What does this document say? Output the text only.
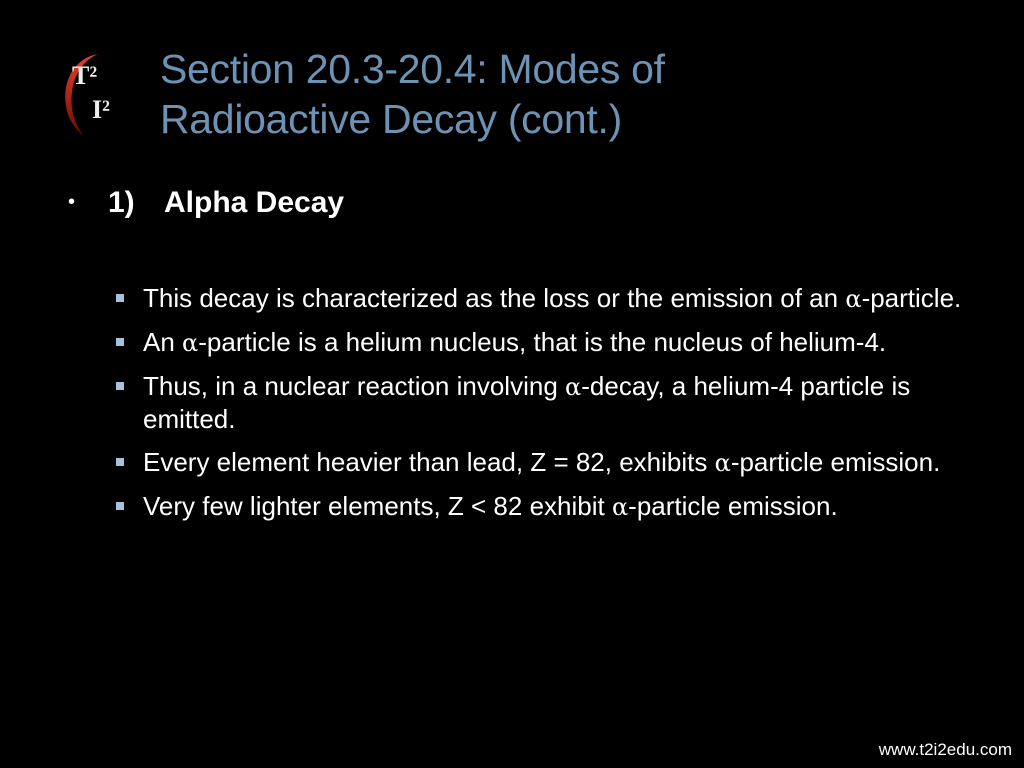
T²
I²
Section 20.3-20.4: Modes of
Radioactive Decay (cont.)
•	1) Alpha Decay
This decay is characterized as the loss or the emission of an α-particle.
An α-particle is a helium nucleus, that is the nucleus of helium-4.
Thus, in a nuclear reaction involving α-decay, a helium-4 particle is emitted.
Every element heavier than lead, Z = 82, exhibits α-particle emission.
Very few lighter elements, Z < 82 exhibit α-particle emission.
www.t2i2edu.com
